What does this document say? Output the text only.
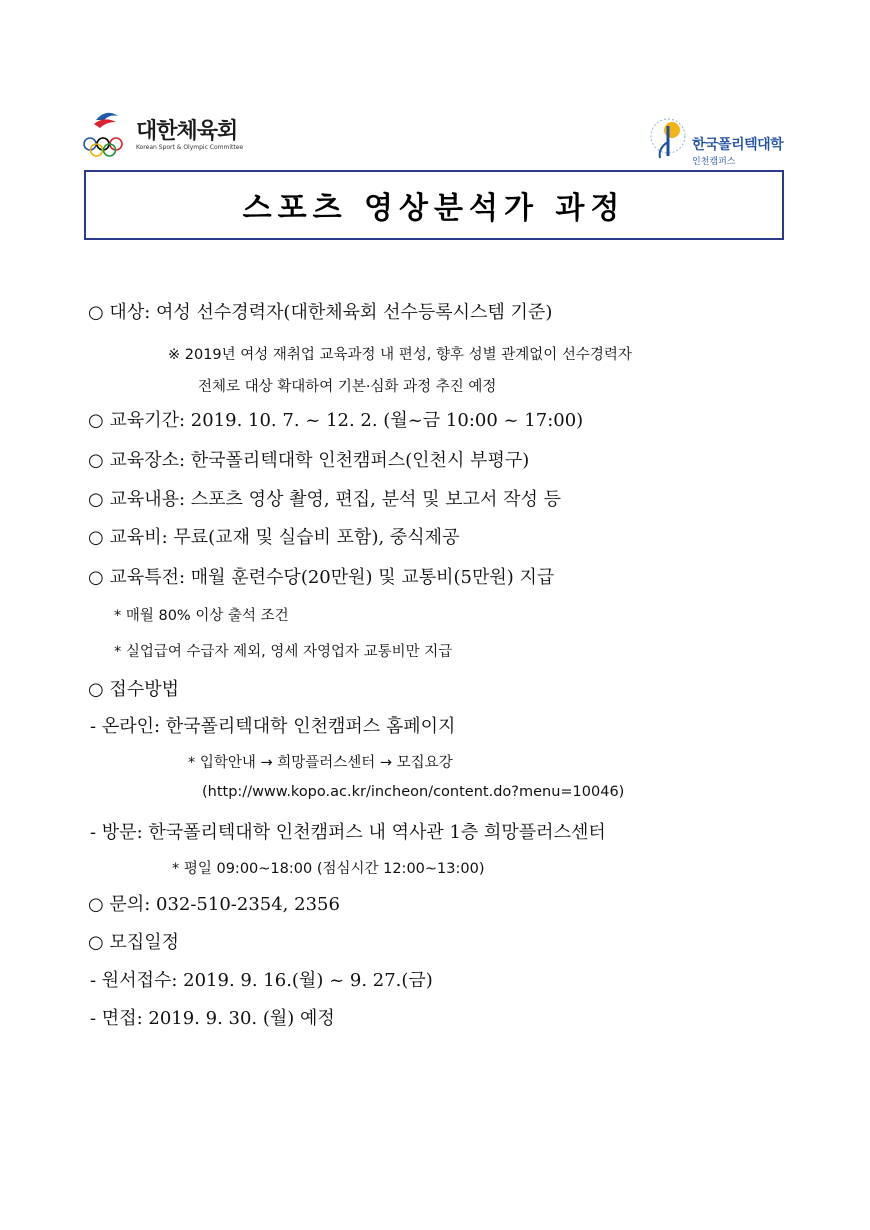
대한체육회
Korean Sport & Olympic Committee	한국폴리텍대학
인천캠퍼스
스포츠 영상분석가 과정
○ 대상: 여성 선수경력자(대한체육회 선수등록시스템 기준)
※ 2019년 여성 재취업 교육과정 내 편성, 향후 성별 관계없이 선수경력자
전체로 대상 확대하여 기본·심화 과정 추진 예정
○ 교육기간: 2019. 10. 7. ~ 12. 2. (월~금 10:00 ~ 17:00)
○ 교육장소: 한국폴리텍대학 인천캠퍼스(인천시 부평구)
○ 교육내용: 스포츠 영상 촬영, 편집, 분석 및 보고서 작성 등
○ 교육비: 무료(교재 및 실습비 포함), 중식제공
○ 교육특전: 매월 훈련수당(20만원) 및 교통비(5만원) 지급
* 매월 80% 이상 출석 조건
* 실업급여 수급자 제외, 영세 자영업자 교통비만 지급
○ 접수방법
- 온라인: 한국폴리텍대학 인천캠퍼스 홈페이지
* 입학안내 → 희망플러스센터 → 모집요강
(http://www.kopo.ac.kr/incheon/content.do?menu=10046)
- 방문: 한국폴리텍대학 인천캠퍼스 내 역사관 1층 희망플러스센터
* 평일 09:00~18:00 (점심시간 12:00~13:00)
○ 문의: 032-510-2354, 2356
○ 모집일정
- 원서접수: 2019. 9. 16.(월) ~ 9. 27.(금)
- 면접: 2019. 9. 30. (월) 예정
